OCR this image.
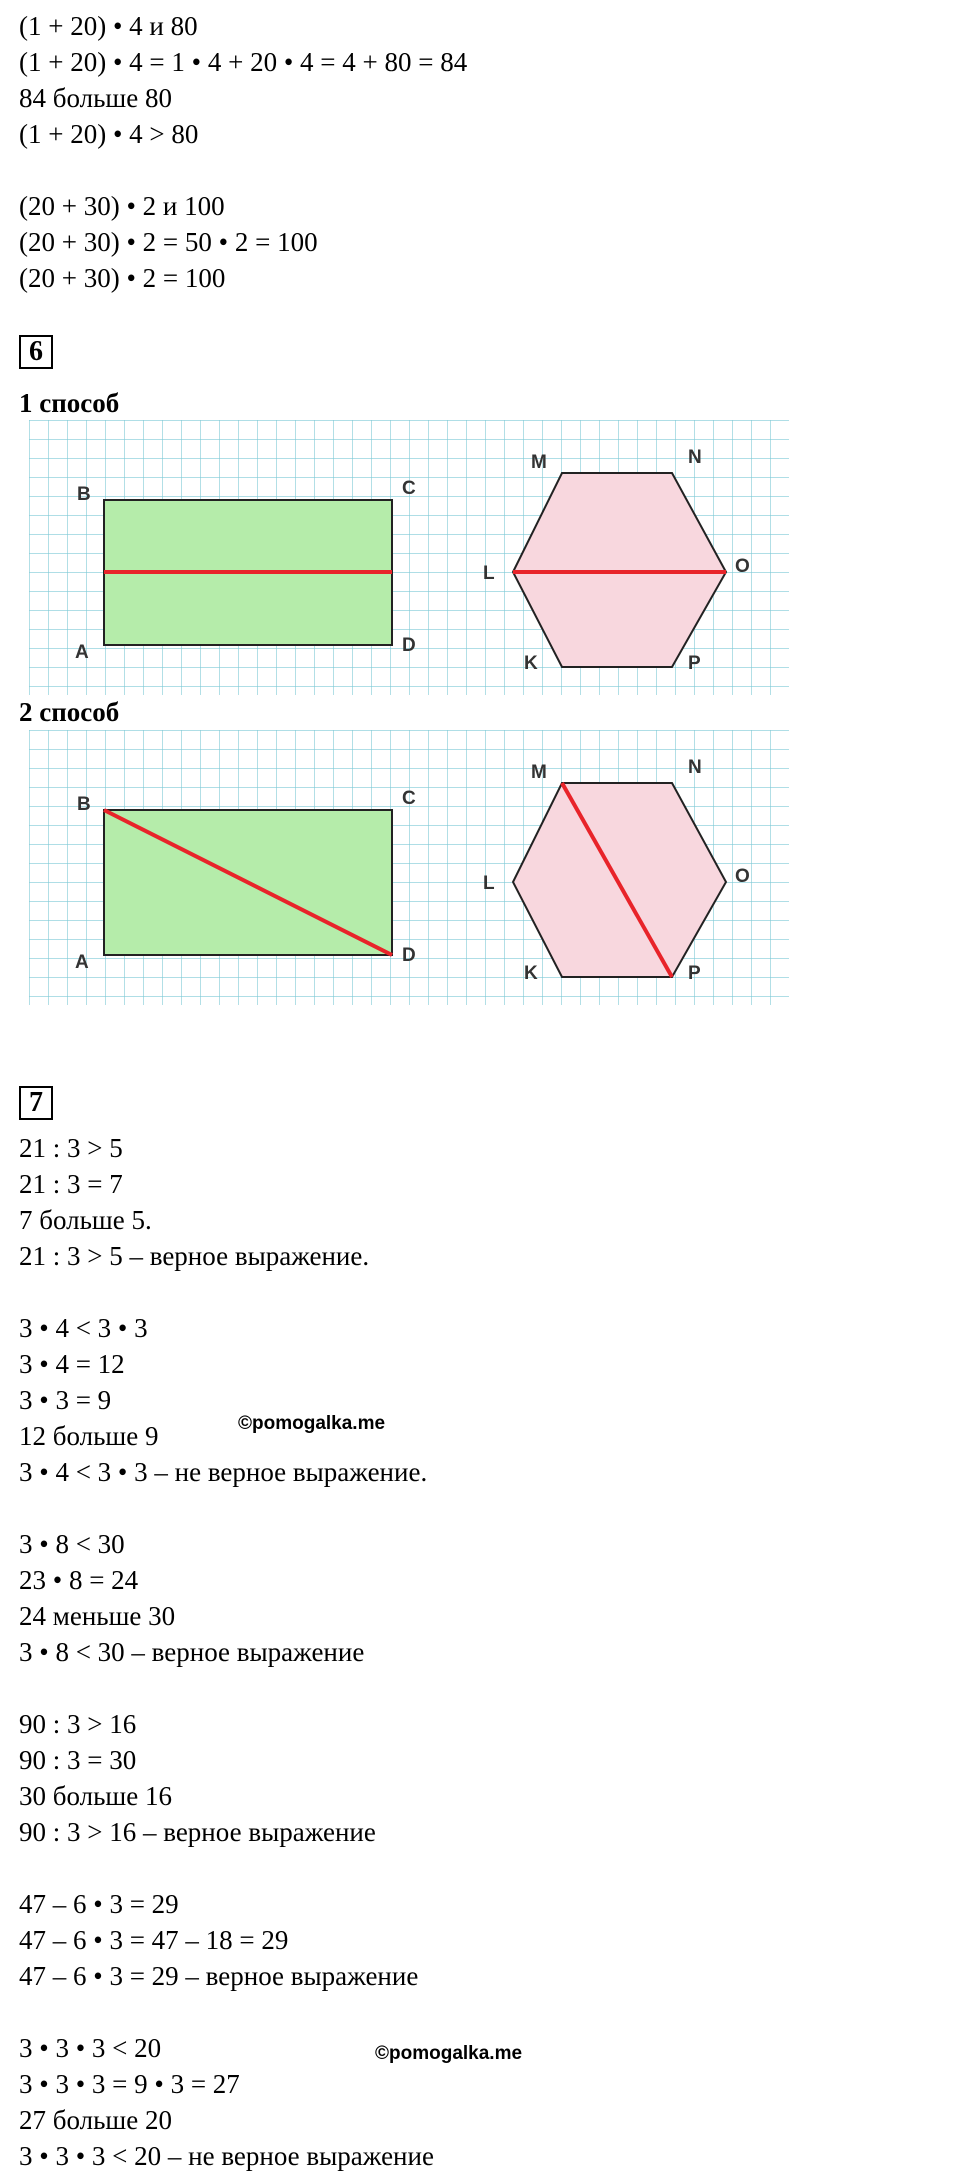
(1 + 20) • 4 и 80
(1 + 20) • 4 = 1 • 4 + 20 • 4 = 4 + 80 = 84
84 больше 80
(1 + 20) • 4 > 80

(20 + 30) • 2 и 100
(20 + 30) • 2 = 50 • 2 = 100
(20 + 30) • 2 = 100
6
1 способ
B	C
A	D
M	N
L	O
K	P
2 способ
B	C
A	D
M	N
L	O
K	P
7
21 : 3 > 5
21 : 3 = 7
7 больше 5.
21 : 3 > 5 – верное выражение.

3 • 4 < 3 • 3
3 • 4 = 12
3 • 3 = 9
12 больше 9
3 • 4 < 3 • 3 – не верное выражение.

3 • 8 < 30
23 • 8 = 24
24 меньше 30
3 • 8 < 30 – верное выражение

90 : 3 > 16
90 : 3 = 30
30 больше 16
90 : 3 > 16 – верное выражение

47 – 6 • 3 = 29
47 – 6 • 3 = 47 – 18 = 29
47 – 6 • 3 = 29 – верное выражение

3 • 3 • 3 < 20
3 • 3 • 3 = 9 • 3 = 27
27 больше 20
3 • 3 • 3 < 20 – не верное выражение
©pomogalka.me
©pomogalka.me
